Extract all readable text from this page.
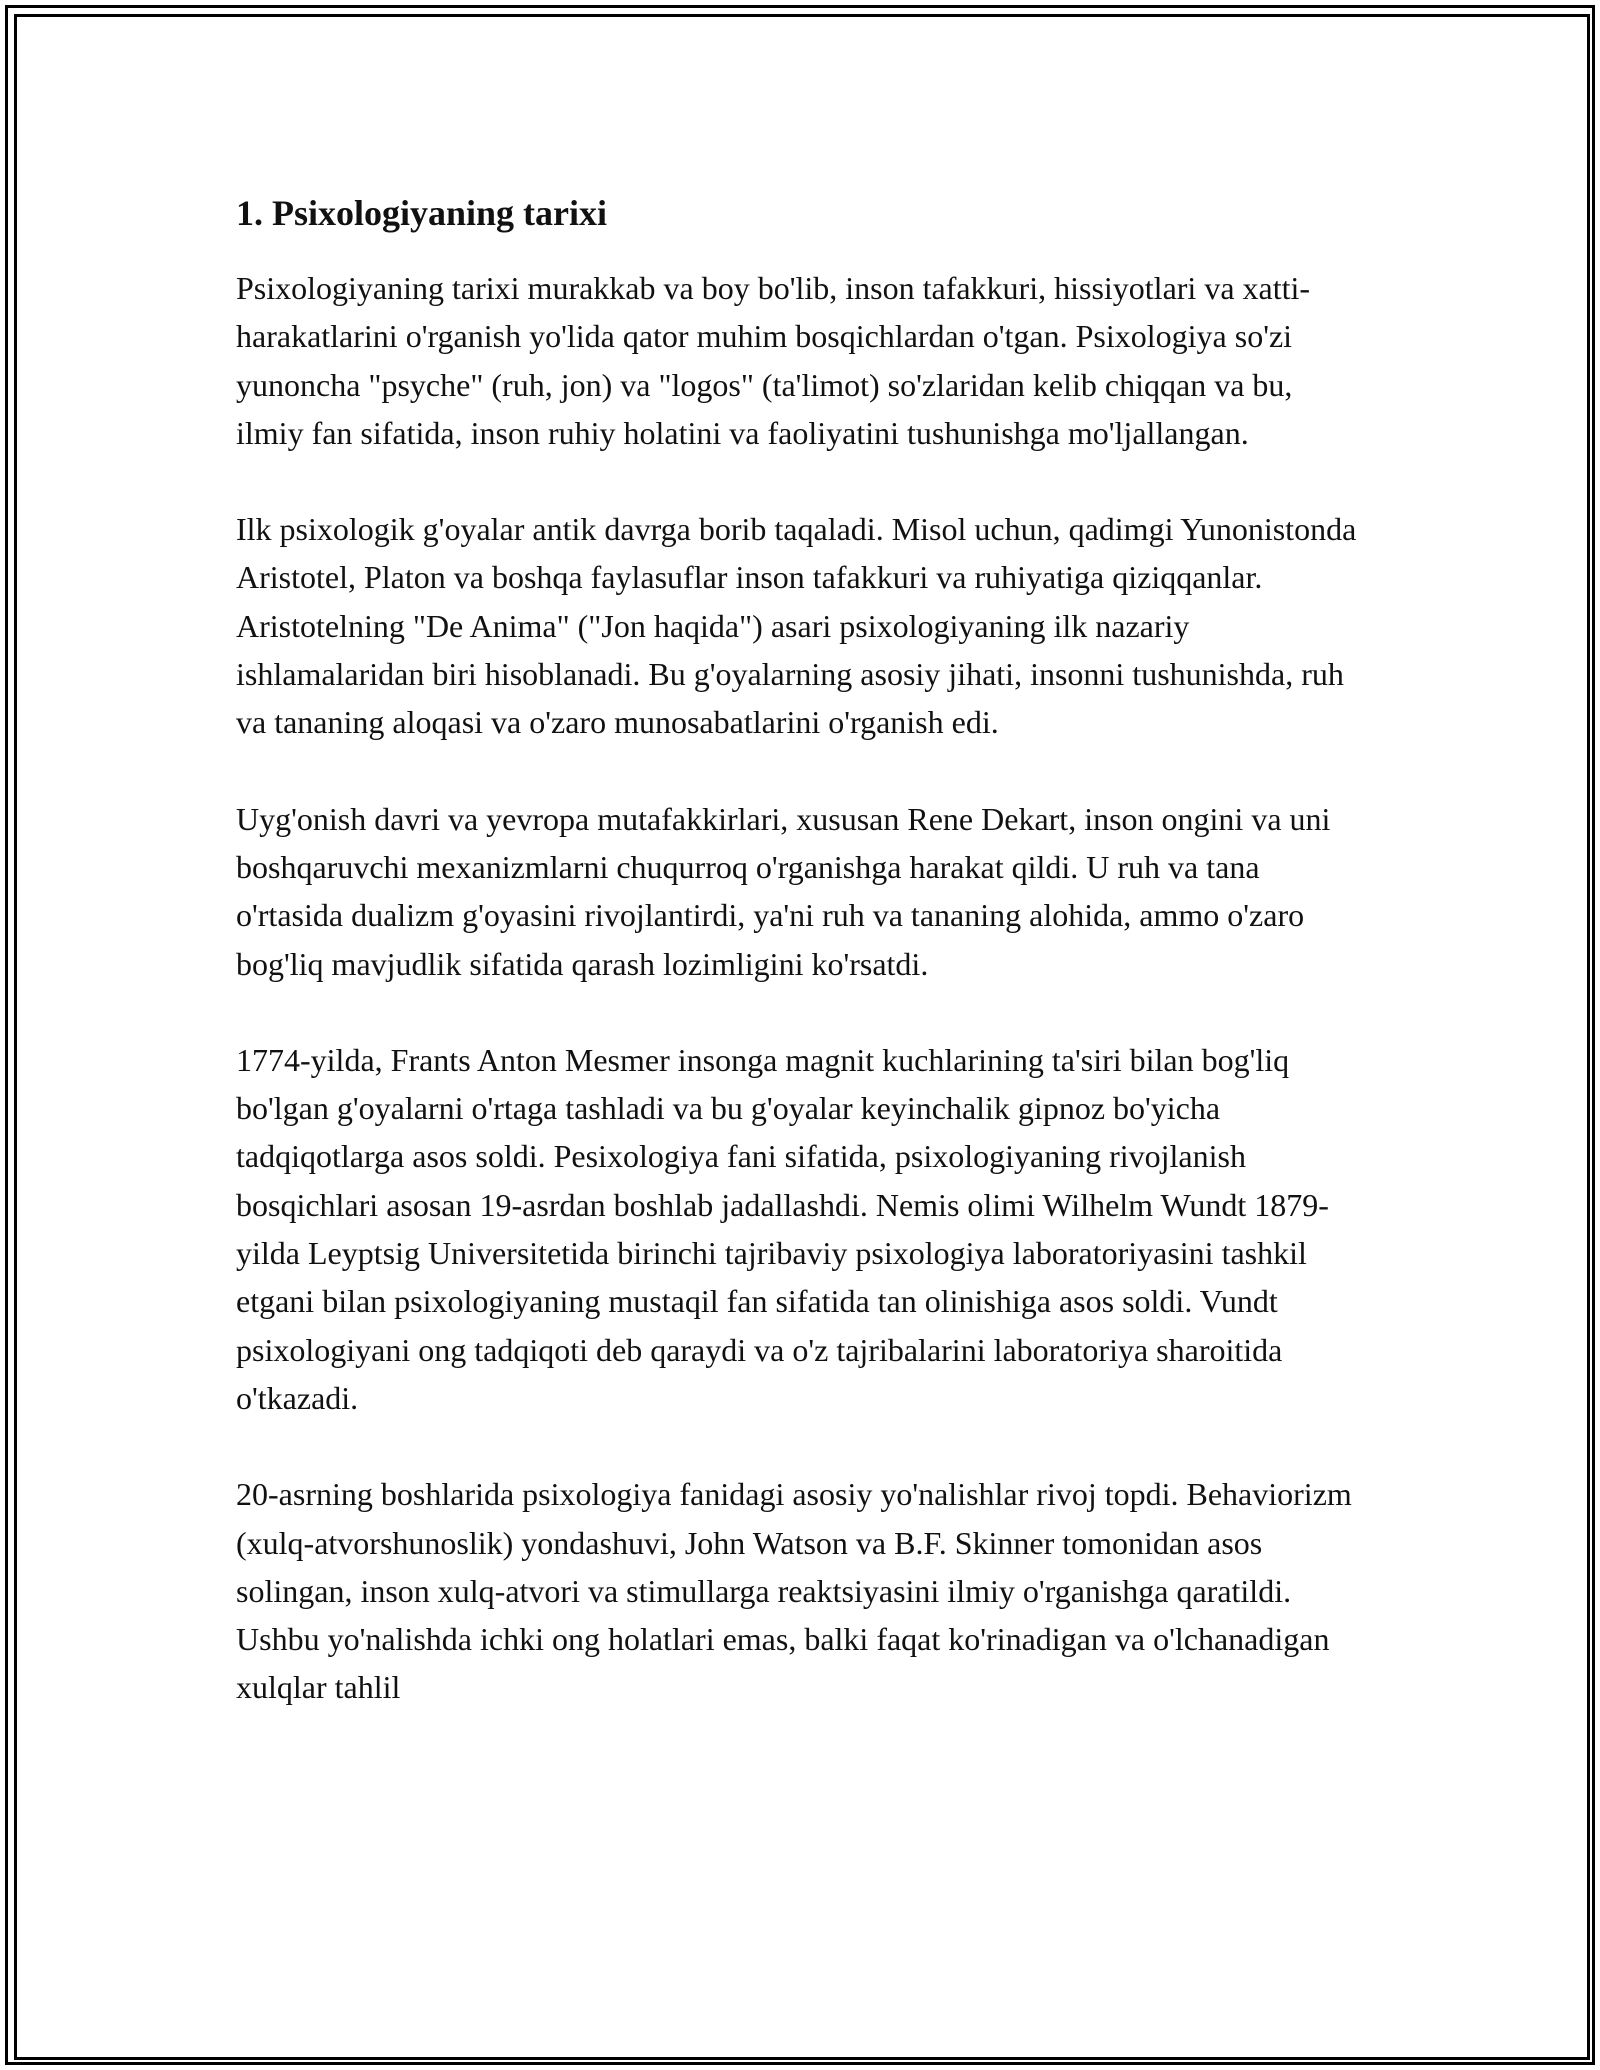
1. Psixologiyaning tarixi

Psixologiyaning tarixi murakkab va boy bo'lib, inson tafakkuri, hissiyotlari va xatti-harakatlarini o'rganish yo'lida qator muhim bosqichlardan o'tgan. Psixologiya so'zi yunoncha "psyche" (ruh, jon) va "logos" (ta'limot) so'zlaridan kelib chiqqan va bu, ilmiy fan sifatida, inson ruhiy holatini va faoliyatini tushunishga mo'ljallangan.

Ilk psixologik g'oyalar antik davrga borib taqaladi. Misol uchun, qadimgi Yunonistonda Aristotel, Platon va boshqa faylasuflar inson tafakkuri va ruhiyatiga qiziqqanlar. Aristotelning "De Anima" ("Jon haqida") asari psixologiyaning ilk nazariy ishlamalaridan biri hisoblanadi. Bu g'oyalarning asosiy jihati, insonni tushunishda, ruh va tananing aloqasi va o'zaro munosabatlarini o'rganish edi.

Uyg'onish davri va yevropa mutafakkirlari, xususan Rene Dekart, inson ongini va uni boshqaruvchi mexanizmlarni chuqurroq o'rganishga harakat qildi. U ruh va tana o'rtasida dualizm g'oyasini rivojlantirdi, ya'ni ruh va tananing alohida, ammo o'zaro bog'liq mavjudlik sifatida qarash lozimligini ko'rsatdi.

1774-yilda, Frants Anton Mesmer insonga magnit kuchlarining ta'siri bilan bog'liq bo'lgan g'oyalarni o'rtaga tashladi va bu g'oyalar keyinchalik gipnoz bo'yicha tadqiqotlarga asos soldi. Pesixologiya fani sifatida, psixologiyaning rivojlanish bosqichlari asosan 19-asrdan boshlab jadallashdi. Nemis olimi Wilhelm Wundt 1879-yilda Leyptsig Universitetida birinchi tajribaviy psixologiya laboratoriyasini tashkil etgani bilan psixologiyaning mustaqil fan sifatida tan olinishiga asos soldi. Vundt psixologiyani ong tadqiqoti deb qaraydi va o'z tajribalarini laboratoriya sharoitida o'tkazadi.

20-asrning boshlarida psixologiya fanidagi asosiy yo'nalishlar rivoj topdi. Behaviorizm (xulq-atvorshunoslik) yondashuvi, John Watson va B.F. Skinner tomonidan asos solingan, inson xulq-atvori va stimullarga reaktsiyasini ilmiy o'rganishga qaratildi. Ushbu yo'nalishda ichki ong holatlari emas, balki faqat ko'rinadigan va o'lchanadigan xulqlar tahlil
